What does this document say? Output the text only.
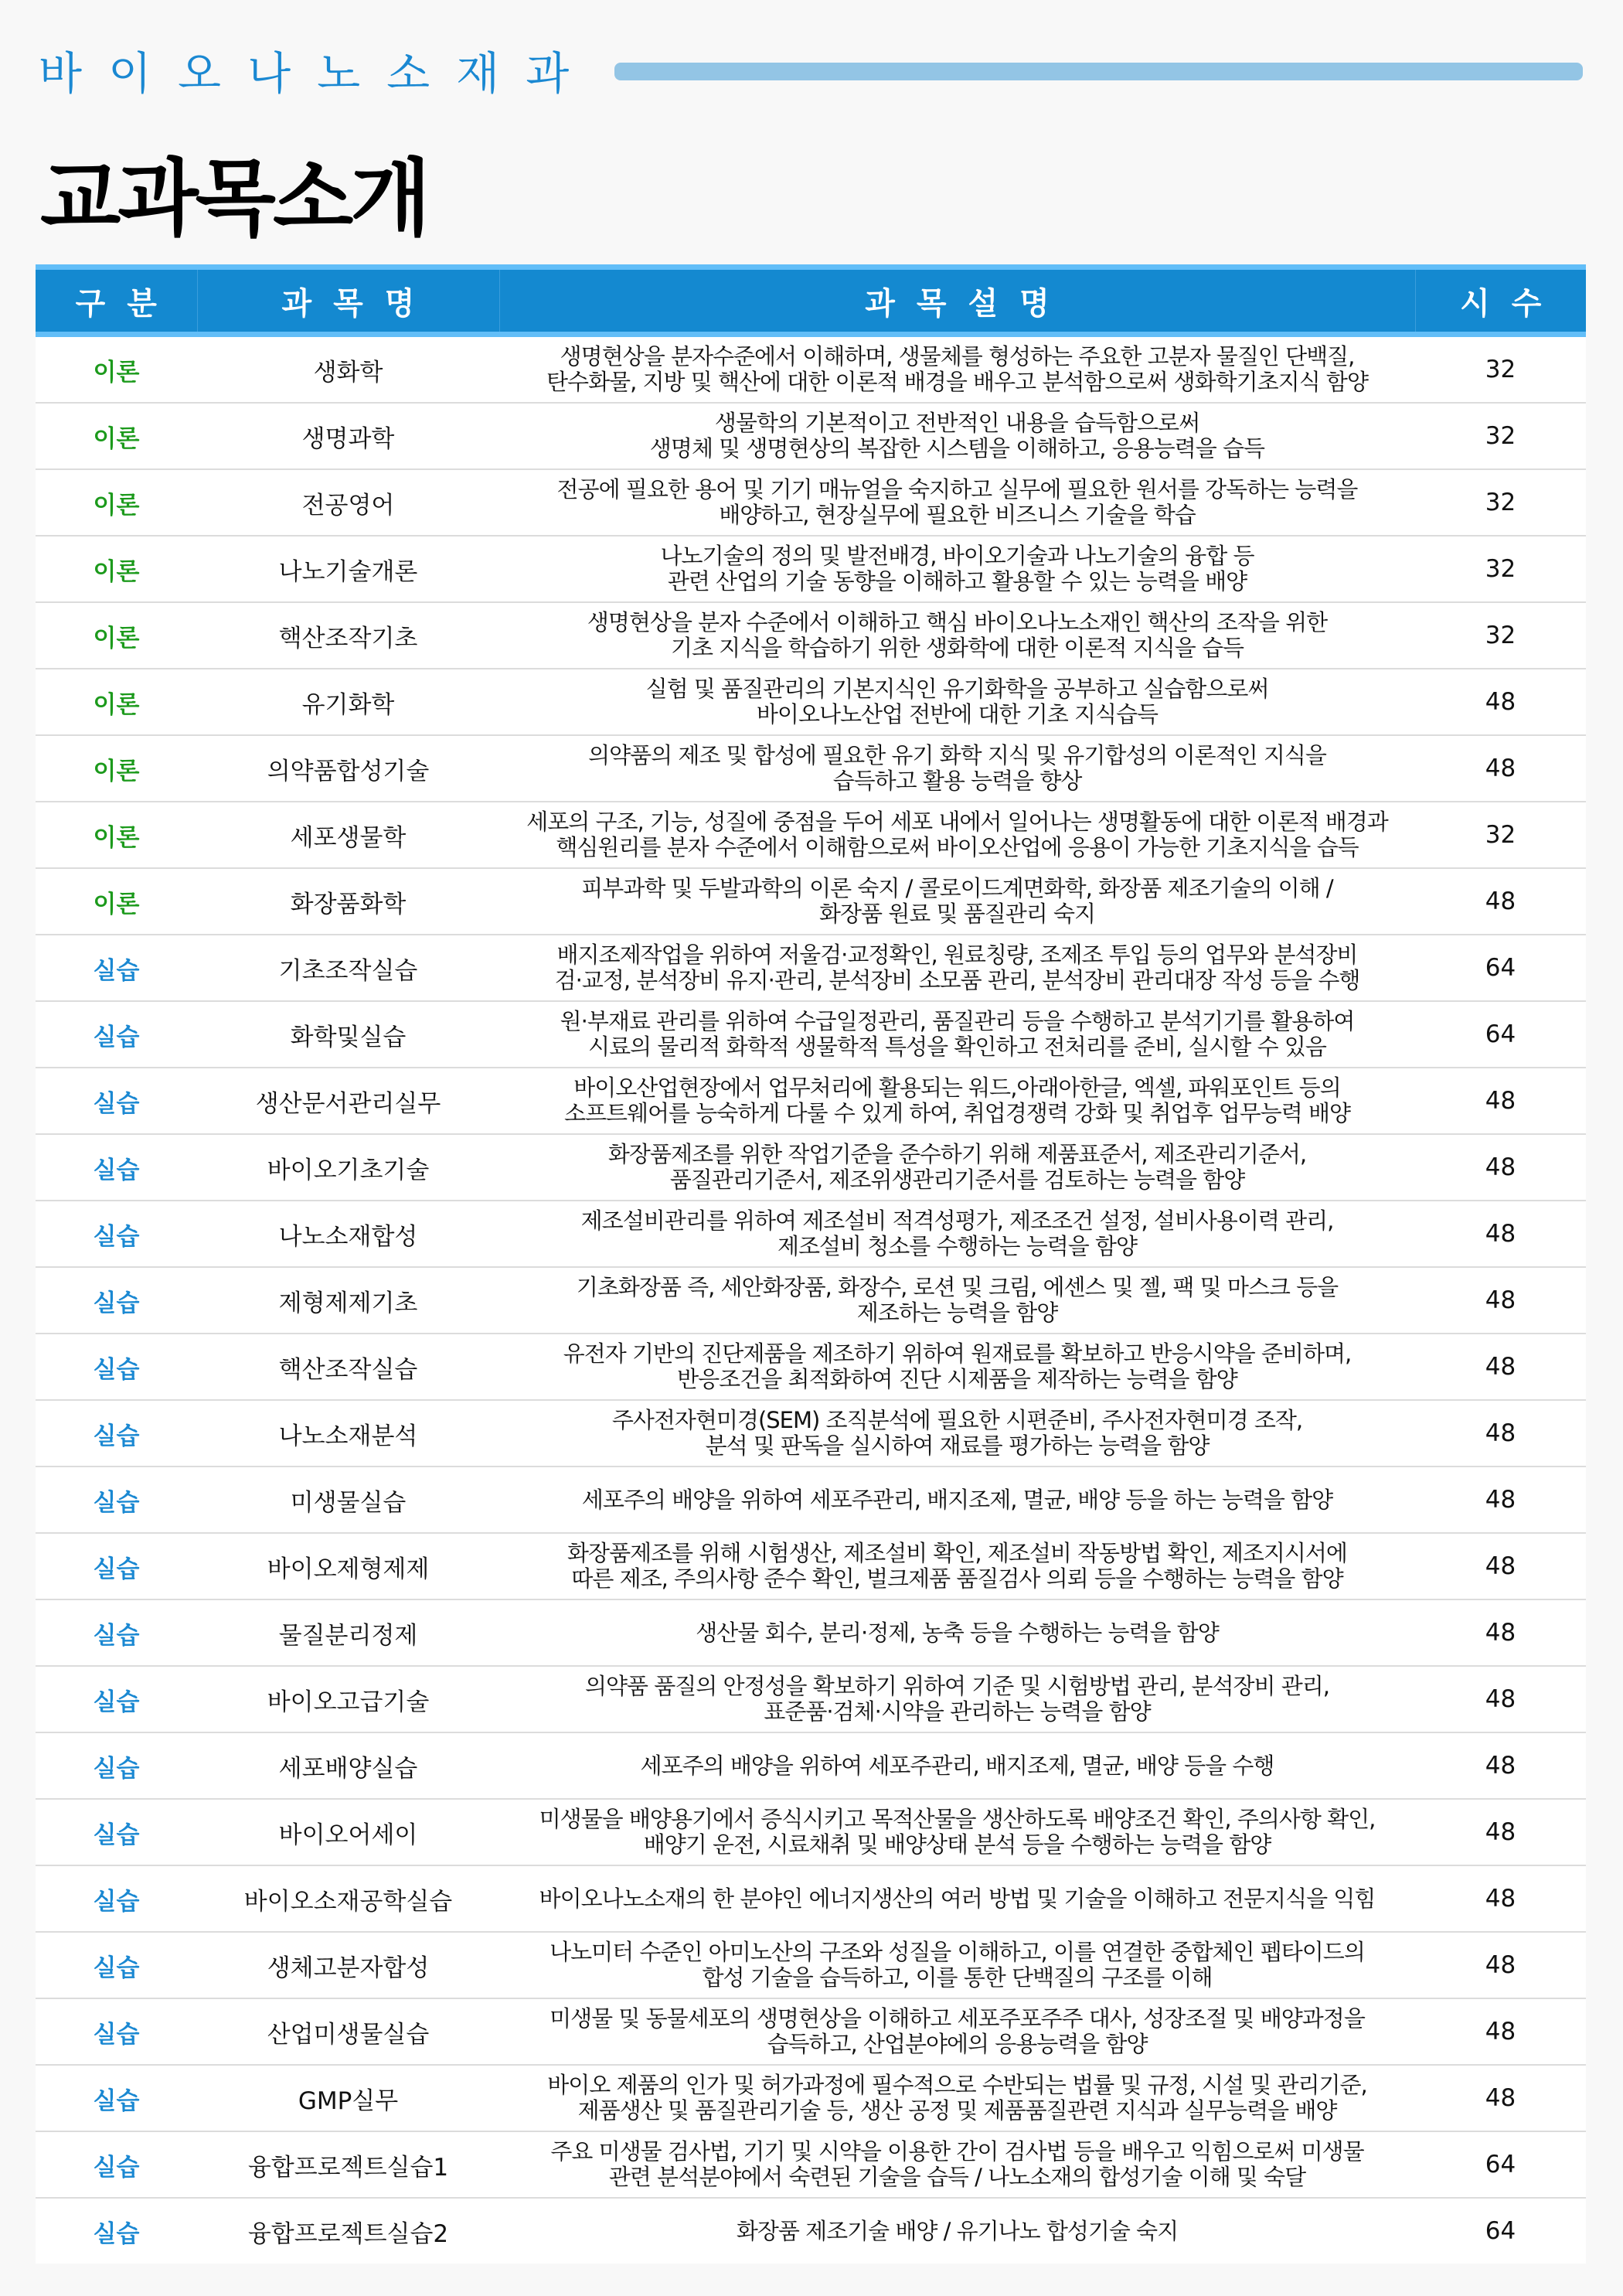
바이오나노소재과
교과목소개
구분	과목명	과목설명	시수
이론	생화학	생명현상을 분자수준에서 이해하며, 생물체를 형성하는 주요한 고분자 물질인 단백질,
탄수화물, 지방 및 핵산에 대한 이론적 배경을 배우고 분석함으로써 생화학기초지식 함양	32
이론	생명과학	생물학의 기본적이고 전반적인 내용을 습득함으로써
생명체 및 생명현상의 복잡한 시스템을 이해하고, 응용능력을 습득	32
이론	전공영어	전공에 필요한 용어 및 기기 매뉴얼을 숙지하고 실무에 필요한 원서를 강독하는 능력을
배양하고, 현장실무에 필요한 비즈니스 기술을 학습	32
이론	나노기술개론	나노기술의 정의 및 발전배경, 바이오기술과 나노기술의 융합 등
관련 산업의 기술 동향을 이해하고 활용할 수 있는 능력을 배양	32
이론	핵산조작기초	생명현상을 분자 수준에서 이해하고 핵심 바이오나노소재인 핵산의 조작을 위한
기초 지식을 학습하기 위한 생화학에 대한 이론적 지식을 습득	32
이론	유기화학	실험 및 품질관리의 기본지식인 유기화학을 공부하고 실습함으로써
바이오나노산업 전반에 대한 기초 지식습득	48
이론	의약품합성기술	의약품의 제조 및 합성에 필요한 유기 화학 지식 및 유기합성의 이론적인 지식을
습득하고 활용 능력을 향상	48
이론	세포생물학	세포의 구조, 기능, 성질에 중점을 두어 세포 내에서 일어나는 생명활동에 대한 이론적 배경과
핵심원리를 분자 수준에서 이해함으로써 바이오산업에 응용이 가능한 기초지식을 습득	32
이론	화장품화학	피부과학 및 두발과학의 이론 숙지 / 콜로이드계면화학, 화장품 제조기술의 이해 /
화장품 원료 및 품질관리 숙지	48
실습	기초조작실습	배지조제작업을 위하여 저울검·교정확인, 원료칭량, 조제조 투입 등의 업무와 분석장비
검·교정, 분석장비 유지·관리, 분석장비 소모품 관리, 분석장비 관리대장 작성 등을 수행	64
실습	화학및실습	원·부재료 관리를 위하여 수급일정관리, 품질관리 등을 수행하고 분석기기를 활용하여
시료의 물리적 화학적 생물학적 특성을 확인하고 전처리를 준비, 실시할 수 있음	64
실습	생산문서관리실무	바이오산업현장에서 업무처리에 활용되는 워드,아래아한글, 엑셀, 파워포인트 등의
소프트웨어를 능숙하게 다룰 수 있게 하여, 취업경쟁력 강화 및 취업후 업무능력 배양	48
실습	바이오기초기술	화장품제조를 위한 작업기준을 준수하기 위해 제품표준서, 제조관리기준서,
품질관리기준서, 제조위생관리기준서를 검토하는 능력을 함양	48
실습	나노소재합성	제조설비관리를 위하여 제조설비 적격성평가, 제조조건 설정, 설비사용이력 관리,
제조설비 청소를 수행하는 능력을 함양	48
실습	제형제제기초	기초화장품 즉, 세안화장품, 화장수, 로션 및 크림, 에센스 및 젤, 팩 및 마스크 등을
제조하는 능력을 함양	48
실습	핵산조작실습	유전자 기반의 진단제품을 제조하기 위하여 원재료를 확보하고 반응시약을 준비하며,
반응조건을 최적화하여 진단 시제품을 제작하는 능력을 함양	48
실습	나노소재분석	주사전자현미경(SEM) 조직분석에 필요한 시편준비, 주사전자현미경 조작,
분석 및 판독을 실시하여 재료를 평가하는 능력을 함양	48
실습	미생물실습	세포주의 배양을 위하여 세포주관리, 배지조제, 멸균, 배양 등을 하는 능력을 함양	48
실습	바이오제형제제	화장품제조를 위해 시험생산, 제조설비 확인, 제조설비 작동방법 확인, 제조지시서에
따른 제조, 주의사항 준수 확인, 벌크제품 품질검사 의뢰 등을 수행하는 능력을 함양	48
실습	물질분리정제	생산물 회수, 분리·정제, 농축 등을 수행하는 능력을 함양	48
실습	바이오고급기술	의약품 품질의 안정성을 확보하기 위하여 기준 및 시험방법 관리, 분석장비 관리,
표준품·검체·시약을 관리하는 능력을 함양	48
실습	세포배양실습	세포주의 배양을 위하여 세포주관리, 배지조제, 멸균, 배양 등을 수행	48
실습	바이오어세이	미생물을 배양용기에서 증식시키고 목적산물을 생산하도록 배양조건 확인, 주의사항 확인,
배양기 운전, 시료채취 및 배양상태 분석 등을 수행하는 능력을 함양	48
실습	바이오소재공학실습	바이오나노소재의 한 분야인 에너지생산의 여러 방법 및 기술을 이해하고 전문지식을 익힘	48
실습	생체고분자합성	나노미터 수준인 아미노산의 구조와 성질을 이해하고, 이를 연결한 중합체인 펩타이드의
합성 기술을 습득하고, 이를 통한 단백질의 구조를 이해	48
실습	산업미생물실습	미생물 및 동물세포의 생명현상을 이해하고 세포주포주주 대사, 성장조절 및 배양과정을
습득하고, 산업분야에의 응용능력을 함양	48
실습	GMP실무	바이오 제품의 인가 및 허가과정에 필수적으로 수반되는 법률 및 규정, 시설 및 관리기준,
제품생산 및 품질관리기술 등, 생산 공정 및 제품품질관련 지식과 실무능력을 배양	48
실습	융합프로젝트실습1	주요 미생물 검사법, 기기 및 시약을 이용한 간이 검사법 등을 배우고 익힘으로써 미생물
관련 분석분야에서 숙련된 기술을 습득 / 나노소재의 합성기술 이해 및 숙달	64
실습	융합프로젝트실습2	화장품 제조기술 배양 / 유기나노 합성기술 숙지	64
